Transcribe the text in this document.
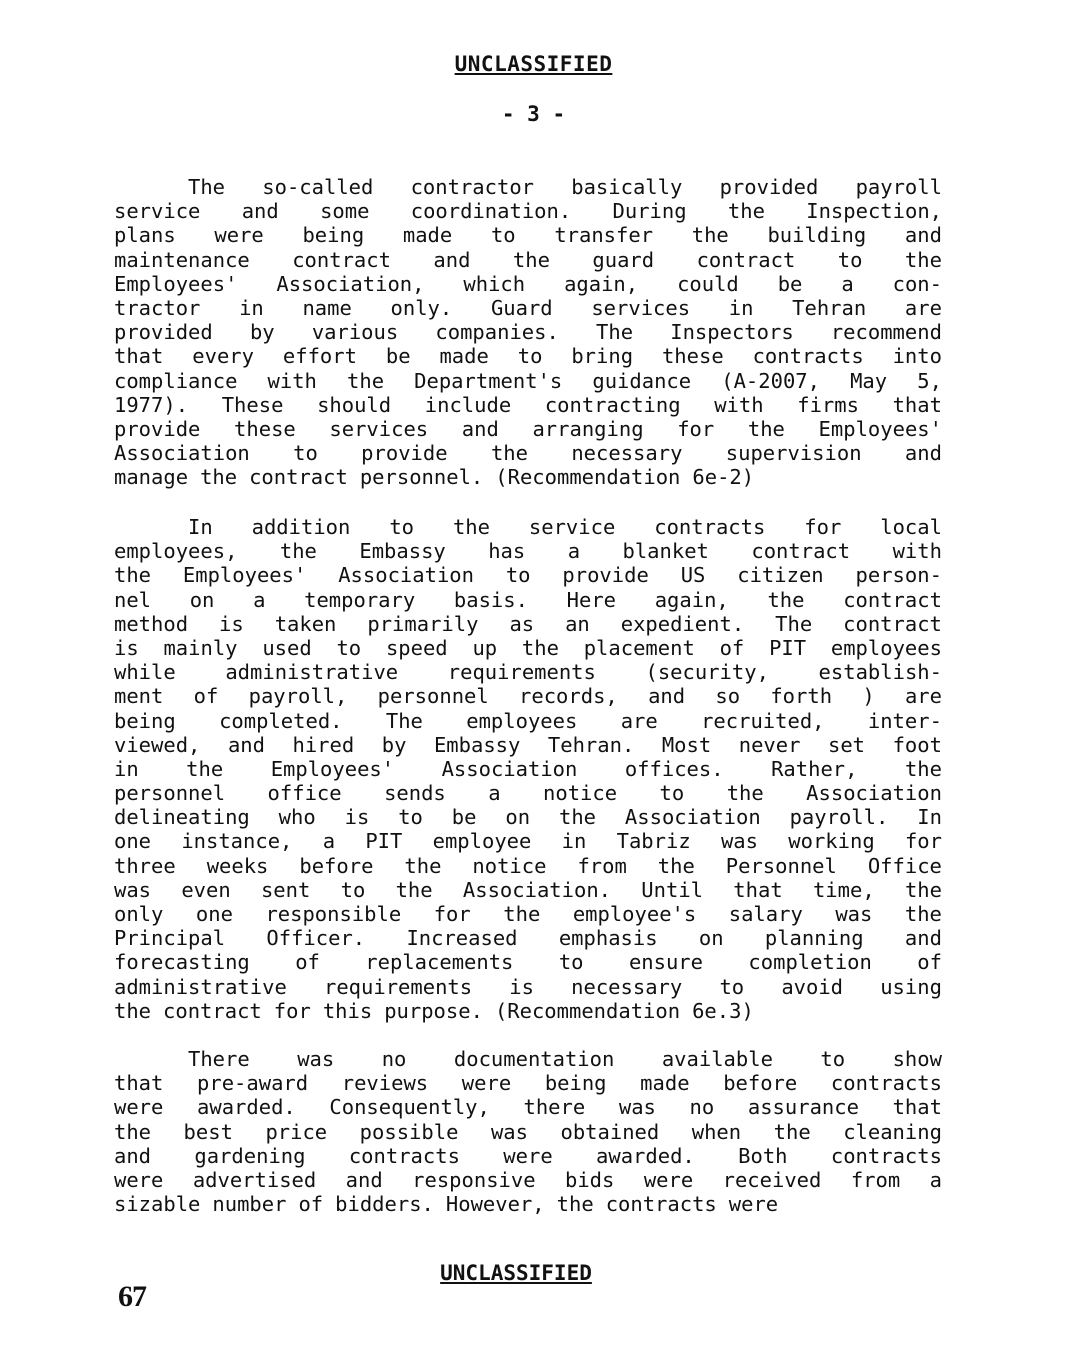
UNCLASSIFIED
- 3 -
The so-called contractor basically provided payroll
service and some coordination. During the Inspection,
plans were being made to transfer the building and
maintenance contract and the guard contract to the
Employees' Association, which again, could be a con-
tractor in name only. Guard services in Tehran are
provided by various companies. The Inspectors recommend
that every effort be made to bring these contracts into
compliance with the Department's guidance (A-2007, May 5,
1977). These should include contracting with firms that
provide these services and arranging for the Employees'
Association to provide the necessary supervision and
manage the contract personnel. (Recommendation 6e-2)
In addition to the service contracts for local
employees, the Embassy has a blanket contract with
the Employees' Association to provide US citizen person-
nel on a temporary basis. Here again, the contract
method is taken primarily as an expedient. The contract
is mainly used to speed up the placement of PIT employees
while administrative requirements (security, establish-
ment of payroll, personnel records, and so forth ) are
being completed. The employees are recruited, inter-
viewed, and hired by Embassy Tehran. Most never set foot
in the Employees' Association offices. Rather, the
personnel office sends a notice to the Association
delineating who is to be on the Association payroll. In
one instance, a PIT employee in Tabriz was working for
three weeks before the notice from the Personnel Office
was even sent to the Association. Until that time, the
only one responsible for the employee's salary was the
Principal Officer. Increased emphasis on planning and
forecasting of replacements to ensure completion of
administrative requirements is necessary to avoid using
the contract for this purpose. (Recommendation 6e.3)
There was no documentation available to show
that pre-award reviews were being made before contracts
were awarded. Consequently, there was no assurance that
the best price possible was obtained when the cleaning
and gardening contracts were awarded. Both contracts
were advertised and responsive bids were received from a
sizable number of bidders. However, the contracts were
UNCLASSIFIED
67
